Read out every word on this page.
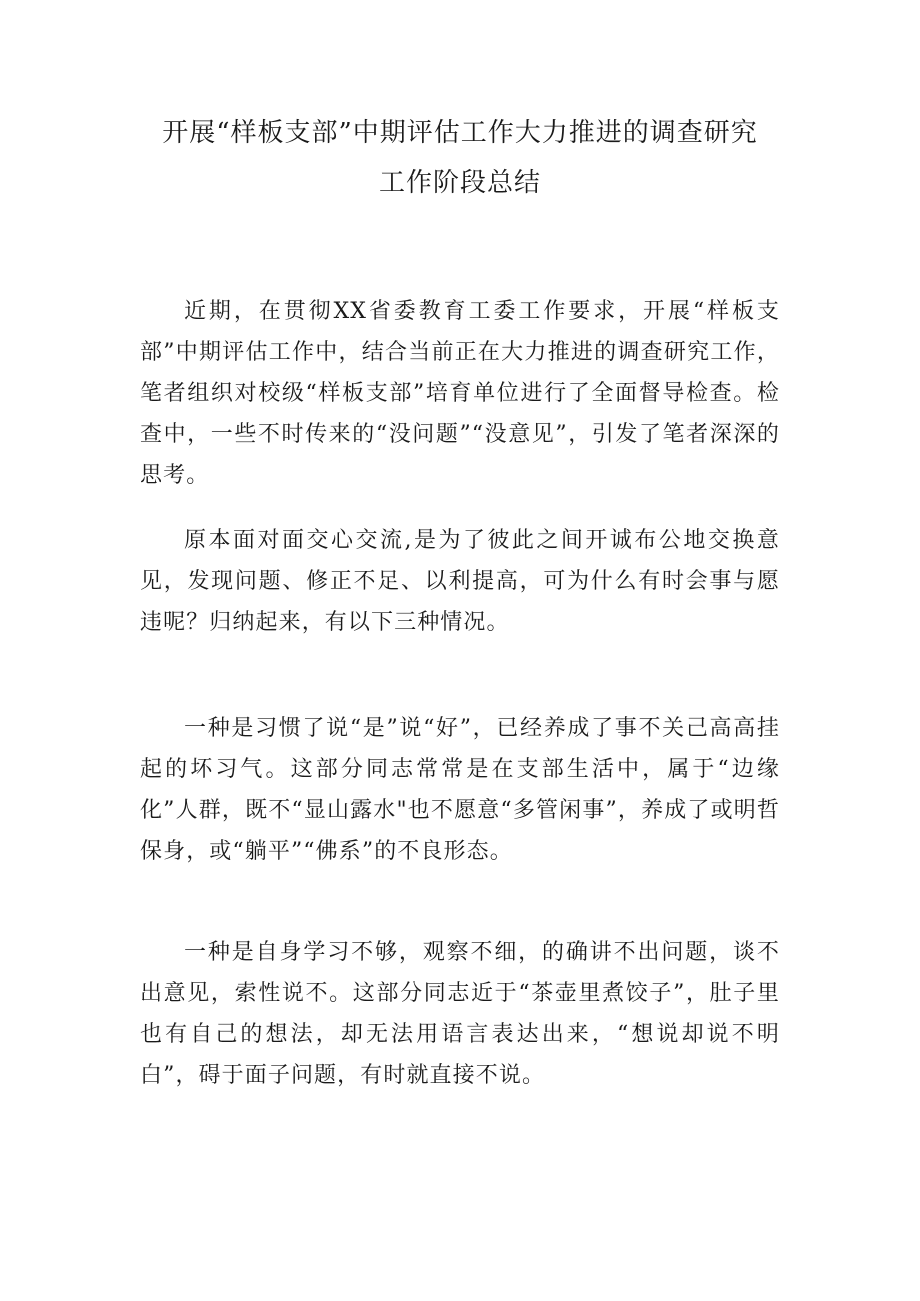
开展“样板支部”中期评估工作大力推进的调查研究
工作阶段总结

近期，在贯彻XX省委教育工委工作要求，开展“样板支部”中期评估工作中，结合当前正在大力推进的调查研究工作，笔者组织对校级“样板支部”培育单位进行了全面督导检查。检查中，一些不时传来的“没问题”“没意见”，引发了笔者深深的思考。

原本面对面交心交流,是为了彼此之间开诚布公地交换意见，发现问题、修正不足、以利提高，可为什么有时会事与愿违呢？归纳起来，有以下三种情况。

一种是习惯了说“是”说“好”，已经养成了事不关己高高挂起的坏习气。这部分同志常常是在支部生活中，属于“边缘化”人群，既不“显山露水"也不愿意“多管闲事”，养成了或明哲保身，或“躺平”“佛系”的不良形态。

一种是自身学习不够，观察不细，的确讲不出问题，谈不出意见，索性说不。这部分同志近于“茶壶里煮饺子”，肚子里也有自己的想法，却无法用语言表达出来，“想说却说不明白”，碍于面子问题，有时就直接不说。
